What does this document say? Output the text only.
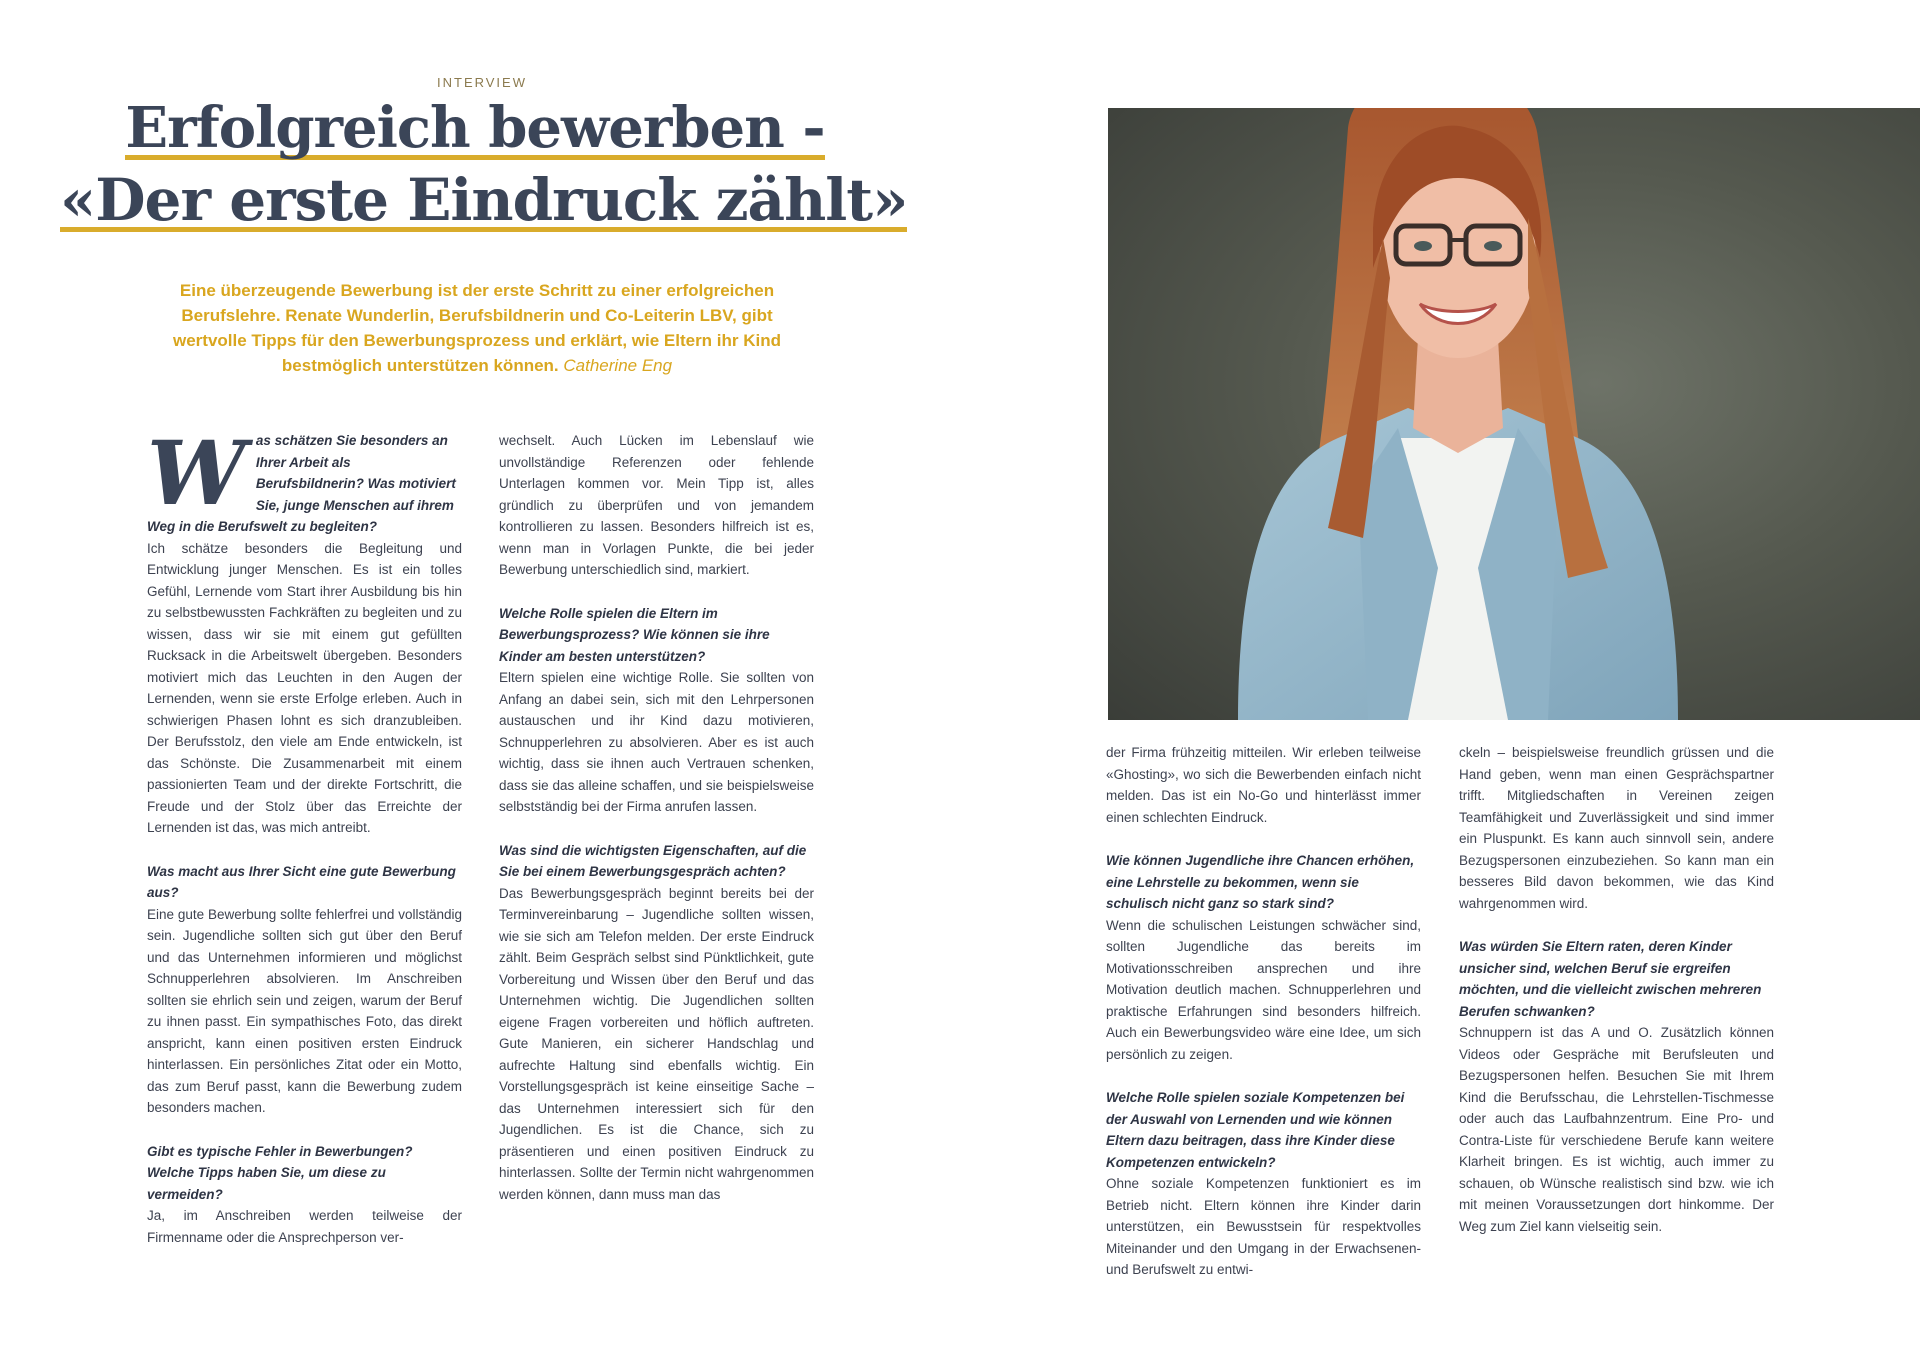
INTERVIEW
Erfolgreich bewerben -
«Der erste Eindruck zählt»
Eine überzeugende Bewerbung ist der erste Schritt zu einer erfolgreichen Berufslehre. Renate Wunderlin, Berufsbildnerin und Co-Leiterin LBV, gibt wertvolle Tipps für den Bewerbungsprozess und erklärt, wie Eltern ihr Kind bestmöglich unterstützen können. Catherine Eng

Was schätzen Sie besonders an Ihrer Arbeit als Berufsbildnerin? Was motiviert Sie, junge Menschen auf ihrem Weg in die Berufswelt zu begleiten?

Ich schätze besonders die Begleitung und Entwicklung junger Menschen. Es ist ein tolles Gefühl, Lernende vom Start ihrer Ausbildung bis hin zu selbstbewussten Fachkräften zu begleiten und zu wissen, dass wir sie mit einem gut gefüllten Rucksack in die Arbeitswelt übergeben. Besonders motiviert mich das Leuchten in den Augen der Lernenden, wenn sie erste Erfolge erleben. Auch in schwierigen Phasen lohnt es sich dranzubleiben. Der Berufsstolz, den viele am Ende entwickeln, ist das Schönste. Die Zusammenarbeit mit einem passionierten Team und der direkte Fortschritt, die Freude und der Stolz über das Erreichte der Lernenden ist das, was mich antreibt.

Was macht aus Ihrer Sicht eine gute Bewerbung aus?

Eine gute Bewerbung sollte fehlerfrei und vollständig sein. Jugendliche sollten sich gut über den Beruf und das Unternehmen informieren und möglichst Schnupperlehren absolvieren. Im Anschreiben sollten sie ehrlich sein und zeigen, warum der Beruf zu ihnen passt. Ein sympathisches Foto, das direkt anspricht, kann einen positiven ersten Eindruck hinterlassen. Ein persönliches Zitat oder ein Motto, das zum Beruf passt, kann die Bewerbung zudem besonders machen.

Gibt es typische Fehler in Bewerbungen? Welche Tipps haben Sie, um diese zu vermeiden?

Ja, im Anschreiben werden teilweise der Firmenname oder die Ansprechperson ver-

wechselt. Auch Lücken im Lebenslauf wie unvollständige Referenzen oder fehlende Unterlagen kommen vor. Mein Tipp ist, alles gründlich zu überprüfen und von jemandem kontrollieren zu lassen. Besonders hilfreich ist es, wenn man in Vorlagen Punkte, die bei jeder Bewerbung unterschiedlich sind, markiert.

Welche Rolle spielen die Eltern im Bewerbungsprozess? Wie können sie ihre Kinder am besten unterstützen?

Eltern spielen eine wichtige Rolle. Sie sollten von Anfang an dabei sein, sich mit den Lehrpersonen austauschen und ihr Kind dazu motivieren, Schnupperlehren zu absolvieren. Aber es ist auch wichtig, dass sie ihnen auch Vertrauen schenken, dass sie das alleine schaffen, und sie beispielsweise selbstständig bei der Firma anrufen lassen.

Was sind die wichtigsten Eigenschaften, auf die Sie bei einem Bewerbungsgespräch achten?

Das Bewerbungsgespräch beginnt bereits bei der Terminvereinbarung – Jugendliche sollten wissen, wie sie sich am Telefon melden. Der erste Eindruck zählt. Beim Gespräch selbst sind Pünktlichkeit, gute Vorbereitung und Wissen über den Beruf und das Unternehmen wichtig. Die Jugendlichen sollten eigene Fragen vorbereiten und höflich auftreten. Gute Manieren, ein sicherer Handschlag und aufrechte Haltung sind ebenfalls wichtig. Ein Vorstellungsgespräch ist keine einseitige Sache – das Unternehmen interessiert sich für den Jugendlichen. Es ist die Chance, sich zu präsentieren und einen positiven Eindruck zu hinterlassen. Sollte der Termin nicht wahrgenommen werden können, dann muss man das

der Firma frühzeitig mitteilen. Wir erleben teilweise «Ghosting», wo sich die Bewerbenden einfach nicht melden. Das ist ein No-Go und hinterlässt immer einen schlechten Eindruck.

Wie können Jugendliche ihre Chancen erhöhen, eine Lehrstelle zu bekommen, wenn sie schulisch nicht ganz so stark sind?

Wenn die schulischen Leistungen schwächer sind, sollten Jugendliche das bereits im Motivationsschreiben ansprechen und ihre Motivation deutlich machen. Schnupperlehren und praktische Erfahrungen sind besonders hilfreich. Auch ein Bewerbungsvideo wäre eine Idee, um sich persönlich zu zeigen.

Welche Rolle spielen soziale Kompetenzen bei der Auswahl von Lernenden und wie können Eltern dazu beitragen, dass ihre Kinder diese Kompetenzen entwickeln?

Ohne soziale Kompetenzen funktioniert es im Betrieb nicht. Eltern können ihre Kinder darin unterstützen, ein Bewusstsein für respektvolles Miteinander und den Umgang in der Erwachsenen- und Berufswelt zu entwi-

ckeln – beispielsweise freundlich grüssen und die Hand geben, wenn man einen Gesprächspartner trifft. Mitgliedschaften in Vereinen zeigen Teamfähigkeit und Zuverlässigkeit und sind immer ein Pluspunkt. Es kann auch sinnvoll sein, andere Bezugspersonen einzubeziehen. So kann man ein besseres Bild davon bekommen, wie das Kind wahrgenommen wird.

Was würden Sie Eltern raten, deren Kinder unsicher sind, welchen Beruf sie ergreifen möchten, und die vielleicht zwischen mehreren Berufen schwanken?

Schnuppern ist das A und O. Zusätzlich können Videos oder Gespräche mit Berufsleuten und Bezugspersonen helfen. Besuchen Sie mit Ihrem Kind die Berufsschau, die Lehrstellen-Tischmesse oder auch das Laufbahnzentrum. Eine Pro- und Contra-Liste für verschiedene Berufe kann weitere Klarheit bringen. Es ist wichtig, auch immer zu schauen, ob Wünsche realistisch sind bzw. wie ich mit meinen Voraussetzungen dort hinkomme. Der Weg zum Ziel kann vielseitig sein.
